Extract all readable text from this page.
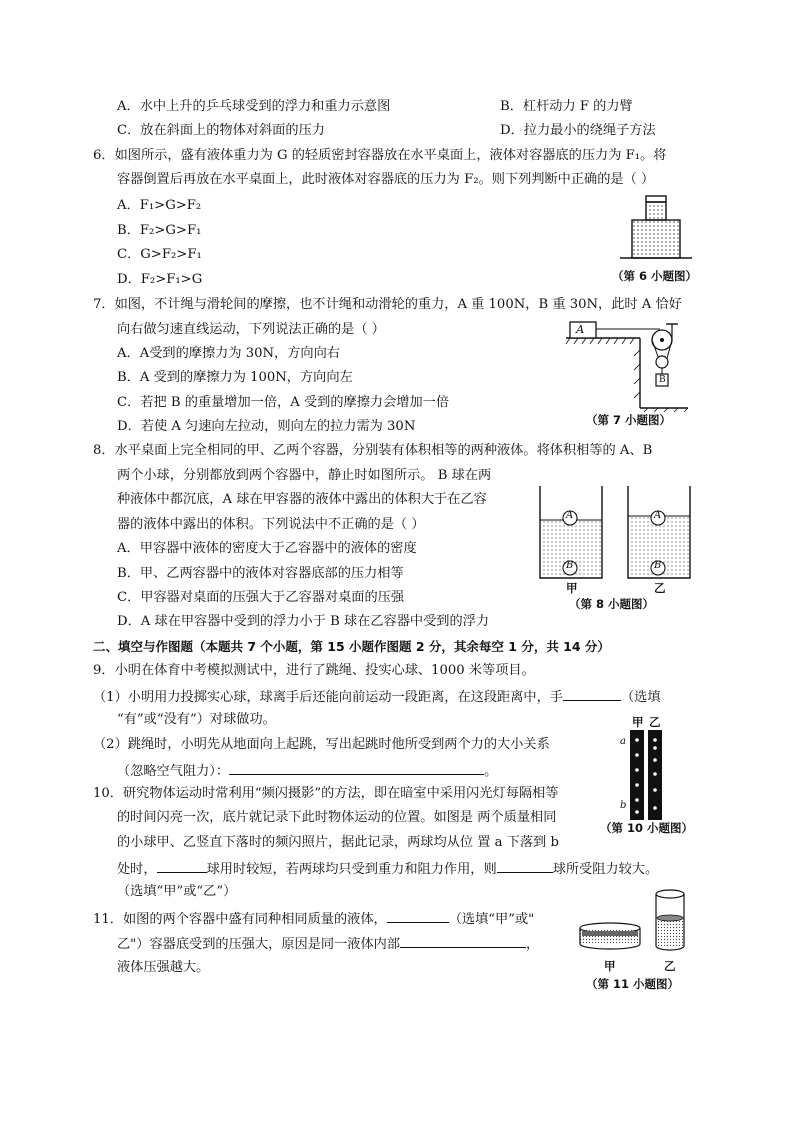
A．水中上升的乒乓球受到的浮力和重力示意图	B．杠杆动力 F 的力臂
C．放在斜面上的物体对斜面的压力	D．拉力最小的绕绳子方法
6．如图所示，盛有液体重力为 G 的轻质密封容器放在水平桌面上，液体对容器底的压力为 F₁。将
容器倒置后再放在水平桌面上，此时液体对容器底的压力为 F₂。则下列判断中正确的是（ ）
A．F₁>G>F₂
B．F₂>G>F₁
C．G>F₂>F₁
D．F₂>F₁>G	（第 6 小题图）
7．如图，不计绳与滑轮间的摩擦，也不计绳和动滑轮的重力，A 重 100N，B 重 30N，此时 A 恰好
向右做匀速直线运动，下列说法正确的是（ ）
A．A受到的摩擦力为 30N，方向向右
B．A 受到的摩擦力为 100N，方向向左
C．若把 B 的重量增加一倍，A 受到的摩擦力会增加一倍
D．若使 A 匀速向左拉动，则向左的拉力需为 30N
A
B
（第 7 小题图）
8．水平桌面上完全相同的甲、乙两个容器，分别装有体积相等的两种液体。将体积相等的 A、B
两个小球，分别都放到两个容器中，静止时如图所示。 B 球在两
种液体中都沉底，A 球在甲容器的液体中露出的体积大于在乙容
器的液体中露出的体积。下列说法中不正确的是（ ）
A．甲容器中液体的密度大于乙容器中的液体的密度
B．甲、乙两容器中的液体对容器底部的压力相等
C．甲容器对桌面的压强大于乙容器对桌面的压强
D．A 球在甲容器中受到的浮力小于 B 球在乙容器中受到的浮力
A
B
A
B
甲	乙
（第 8 小题图）
二、填空与作图题（本题共 7 个小题，第 15 小题作图题 2 分，其余每空 1 分，共 14 分）
9．小明在体育中考模拟测试中，进行了跳绳、投实心球、1000 米等项目。
（1）小明用力投掷实心球，球离手后还能向前运动一段距离，在这段距离中，手	（选填
“有”或“没有”）对球做功。
（2）跳绳时，小明先从地面向上起跳，写出起跳时他所受到两个力的大小关系
（忽略空气阻力）：	。
10．研究物体运动时常利用“频闪摄影”的方法，即在暗室中采用闪光灯每隔相等
的时间闪亮一次，底片就记录下此时物体运动的位置。如图是 两个质量相同
的小球甲、乙竖直下落时的频闪照片，据此记录，两球均从位 置 a 下落到 b
处时，	球用时较短，若两球均只受到重力和阻力作用，则	球所受阻力较大。
（选填“甲”或“乙”）
甲 乙
a
b
（第 10 小题图）
11．如图的两个容器中盛有同种相同质量的液体，	（选填“甲”或"
乙"）容器底受到的压强大，原因是同一液体内部	，
液体压强越大。	甲	乙
（第 11 小题图）
